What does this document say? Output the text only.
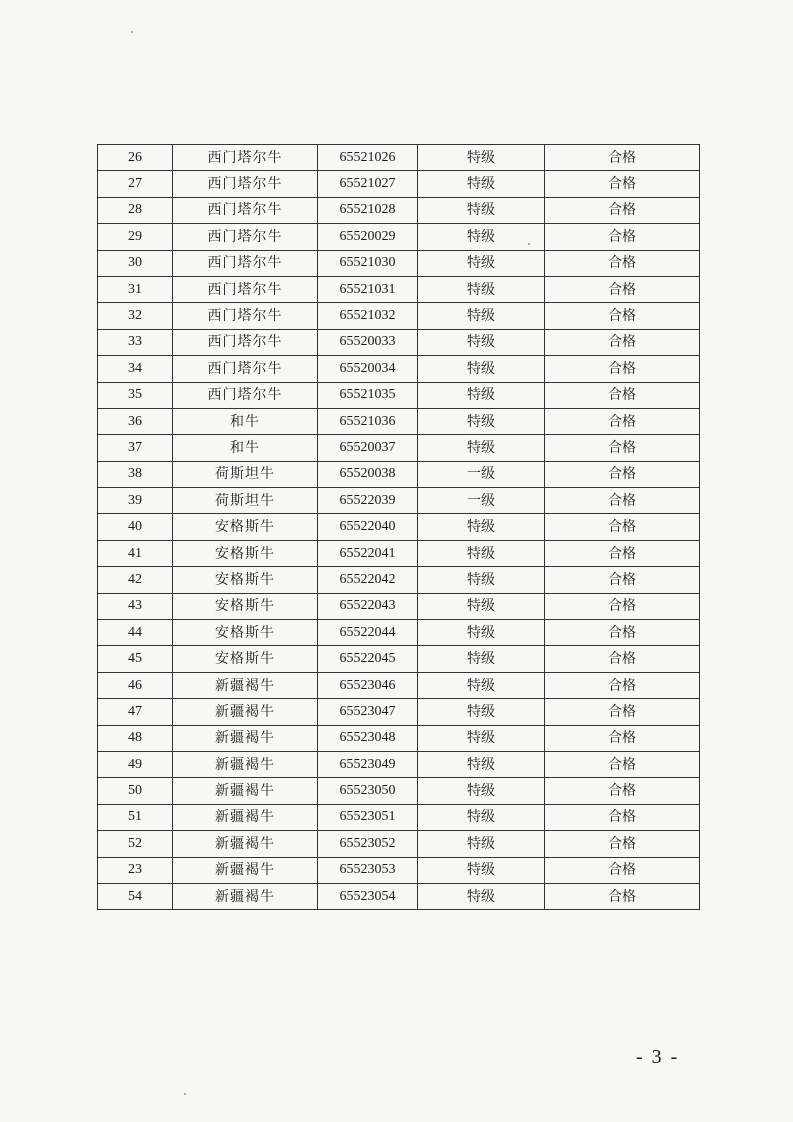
26	西门塔尔牛	65521026	特级	合格
27	西门塔尔牛	65521027	特级	合格
28	西门塔尔牛	65521028	特级	合格
29	西门塔尔牛	65520029	特级	合格
30	西门塔尔牛	65521030	特级	合格
31	西门塔尔牛	65521031	特级	合格
32	西门塔尔牛	65521032	特级	合格
33	西门塔尔牛	65520033	特级	合格
34	西门塔尔牛	65520034	特级	合格
35	西门塔尔牛	65521035	特级	合格
36	和牛	65521036	特级	合格
37	和牛	65520037	特级	合格
38	荷斯坦牛	65520038	一级	合格
39	荷斯坦牛	65522039	一级	合格
40	安格斯牛	65522040	特级	合格
41	安格斯牛	65522041	特级	合格
42	安格斯牛	65522042	特级	合格
43	安格斯牛	65522043	特级	合格
44	安格斯牛	65522044	特级	合格
45	安格斯牛	65522045	特级	合格
46	新疆褐牛	65523046	特级	合格
47	新疆褐牛	65523047	特级	合格
48	新疆褐牛	65523048	特级	合格
49	新疆褐牛	65523049	特级	合格
50	新疆褐牛	65523050	特级	合格
51	新疆褐牛	65523051	特级	合格
52	新疆褐牛	65523052	特级	合格
23	新疆褐牛	65523053	特级	合格
54	新疆褐牛	65523054	特级	合格
- 3 -
